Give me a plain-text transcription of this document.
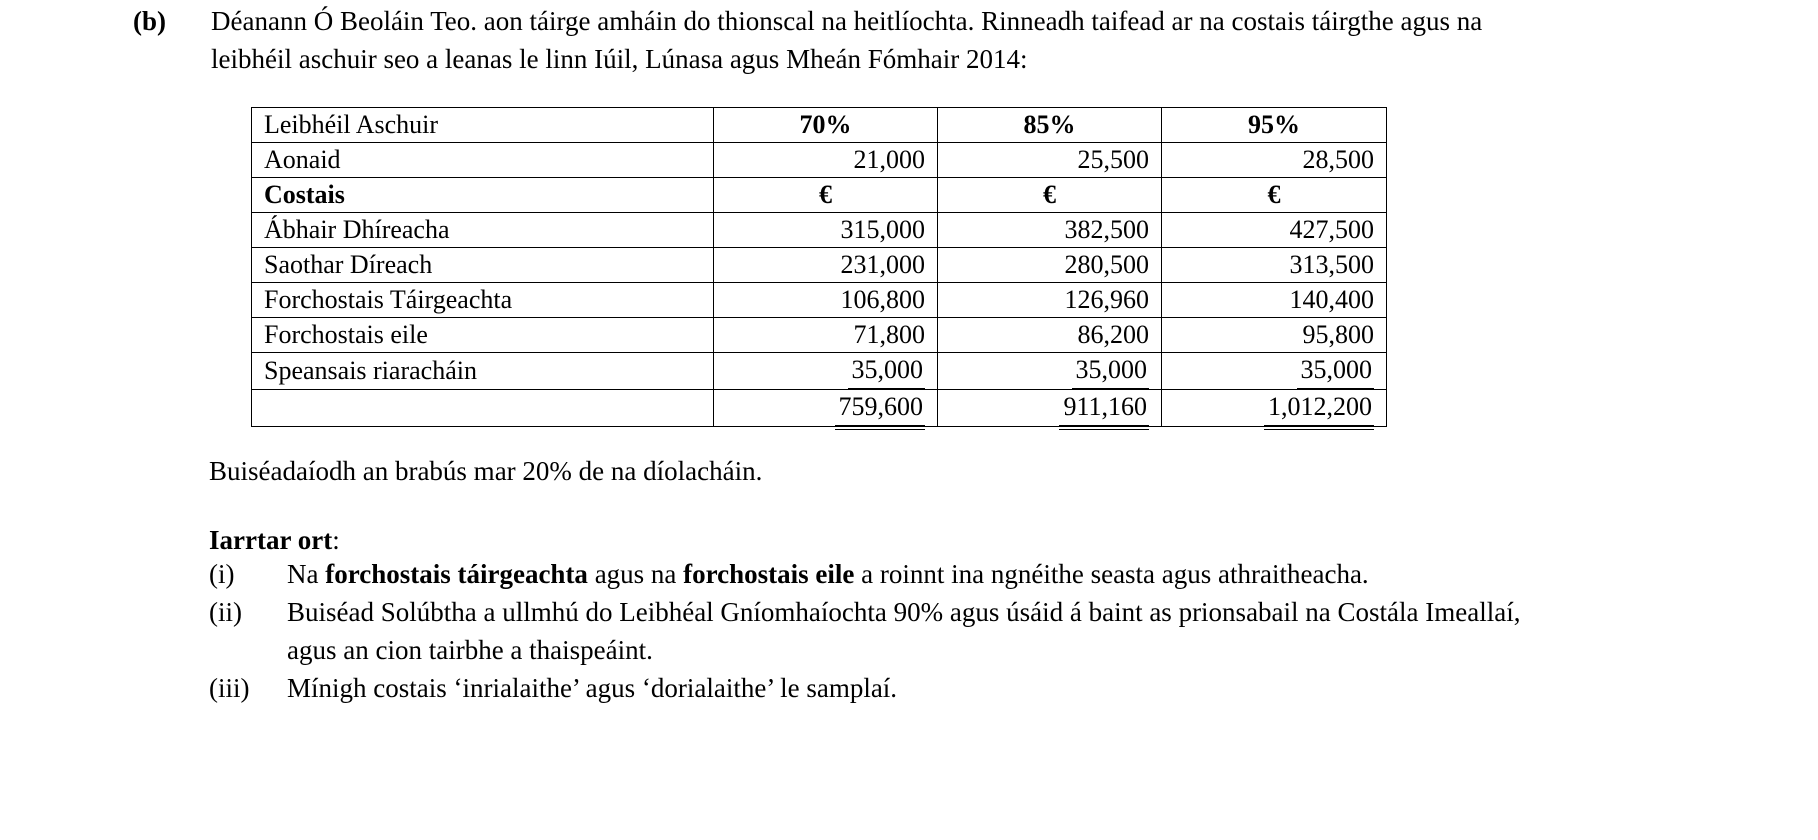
(b)	Déanann Ó Beoláin Teo. aon táirge amháin do thionscal na heitlíochta. Rinneadh taifead ar na costais táirgthe agus na leibhéil aschuir seo a leanas le linn Iúil, Lúnasa agus Mheán Fómhair 2014:
Leibhéil Aschuir	70%	85%	95%
Aonaid	21,000	25,500	28,500
Costais	€	€	€
Ábhair Dhíreacha	315,000	382,500	427,500
Saothar Díreach	231,000	280,500	313,500
Forchostais Táirgeachta	106,800	126,960	140,400
Forchostais eile	71,800	86,200	95,800
Speansais riaracháin	35,000	35,000	35,000
	759,600	911,160	1,012,200
Buiséadaíodh an brabús mar 20% de na díolacháin.
Iarrtar ort:
(i)	Na forchostais táirgeachta agus na forchostais eile a roinnt ina ngnéithe seasta agus athraitheacha.
(ii)	Buiséad Solúbtha a ullmhú do Leibhéal Gníomhaíochta 90% agus úsáid á baint as prionsabail na Costála Imeallaí, agus an cion tairbhe a thaispeáint.
(iii)	Mínigh costais ‘inrialaithe’ agus ‘dorialaithe’ le samplaí.
